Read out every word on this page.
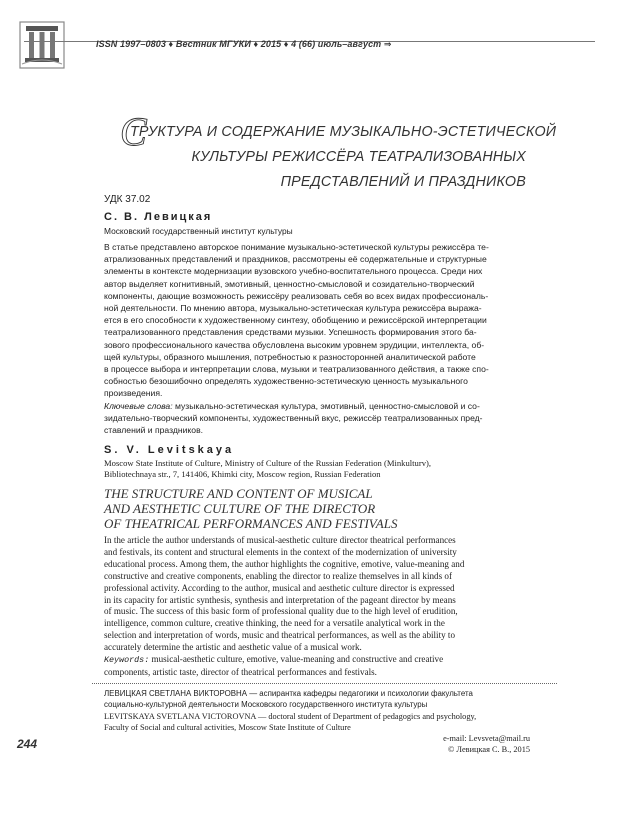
ISSN 1997–0803 ♦ Вестник МГУКИ ♦ 2015 ♦ 4 (66) июль–август ⇒
С
ТРУКТУРА И СОДЕРЖАНИЕ МУЗЫКАЛЬНО-ЭСТЕТИЧЕСКОЙ
КУЛЬТУРЫ РЕЖИССЁРА ТЕАТРАЛИЗОВАННЫХ
ПРЕДСТАВЛЕНИЙ И ПРАЗДНИКОВ
УДК 37.02
С. В. Левицкая
Московский государственный институт культуры
В статье представлено авторское понимание музыкально-эстетической культуры режиссёра те-
атрализованных представлений и праздников, рассмотрены её содержательные и структурные
элементы в контексте модернизации вузовского учебно-воспитательного процесса. Среди них
автор выделяет когнитивный, эмотивный, ценностно-смысловой и созидательно-творческий
компоненты, дающие возможность режиссёру реализовать себя во всех видах профессиональ-
ной деятельности. По мнению автора, музыкально-эстетическая культура режиссёра выража-
ется в его способности к художественному синтезу, обобщению и режиссёрской интерпретации
театрализованного представления средствами музыки. Успешность формирования этого ба-
зового профессионального качества обусловлена высоким уровнем эрудиции, интеллекта, об-
щей культуры, образного мышления, потребностью к разносторонней аналитической работе
в процессе выбора и интерпретации слова, музыки и театрализованного действия, а также спо-
собностью безошибочно определять художественно-эстетическую ценность музыкального
произведения.
Ключевые слова: музыкально-эстетическая культура, эмотивный, ценностно-смысловой и со-
зидательно-творческий компоненты, художественный вкус, режиссёр театрализованных пред-
ставлений и праздников.
S. V. Levitskaya
Moscow State Institute of Culture, Ministry of Culture of the Russian Federation (Minkulturv),
Bibliotechnaya str., 7, 141406, Khimki city, Moscow region, Russian Federation
THE STRUCTURE AND CONTENT OF MUSICAL
AND AESTHETIC CULTURE OF THE DIRECTOR
OF THEATRICAL PERFORMANCES AND FESTIVALS
In the article the author understands of musical-aesthetic culture director theatrical performances
and festivals, its content and structural elements in the context of the modernization of university
educational process. Among them, the author highlights the cognitive, emotive, value-meaning and
constructive and creative components, enabling the director to realize themselves in all kinds of
professional activity. According to the author, musical and aesthetic culture director is expressed
in its capacity for artistic synthesis, synthesis and interpretation of the pageant director by means
of music. The success of this basic form of professional quality due to the high level of erudition,
intelligence, common culture, creative thinking, the need for a versatile analytical work in the
selection and interpretation of words, music and theatrical performances, as well as the ability to
accurately determine the artistic and aesthetic value of a musical work.
Keywords: musical-aesthetic culture, emotive, value-meaning and constructive and creative
components, artistic taste, director of theatrical performances and festivals.
ЛЕВИЦКАЯ СВЕТЛАНА ВИКТОРОВНА — аспирантка кафедры педагогики и психологии факультета
социально-культурной деятельности Московского государственного института культуры
LEVITSKAYA SVETLANA VICTOROVNA — doctoral student of Department of pedagogics and psychology,
Faculty of Social and cultural activities, Moscow State Institute of Culture
244	e-mail: Levsveta@mail.ru
© Левицкая С. В., 2015
